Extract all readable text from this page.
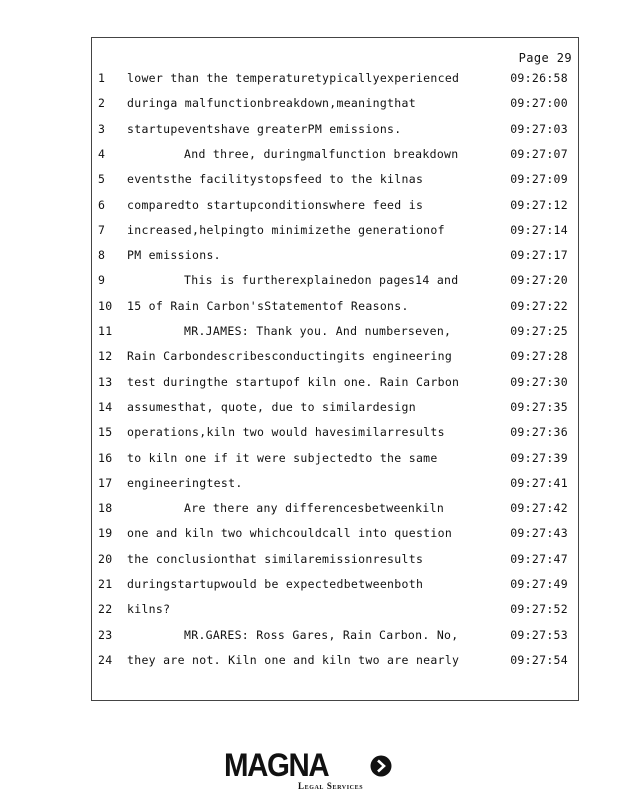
Page 29
1	lower than the temperaturetypicallyexperienced	09:26:58
2	duringa malfunctionbreakdown,meaningthat	09:27:00
3	startupeventshave greaterPM emissions.	09:27:03
4	And three, duringmalfunction breakdown	09:27:07
5	eventsthe facilitystopsfeed to the kilnas	09:27:09
6	comparedto startupconditionswhere feed is	09:27:12
7	increased,helpingto minimizethe generationof	09:27:14
8	PM emissions.	09:27:17
9	This is furtherexplainedon pages14 and	09:27:20
10	15 of Rain Carbon'sStatementof Reasons.	09:27:22
11	MR.JAMES: Thank you. And numberseven,	09:27:25
12	Rain Carbondescribesconductingits engineering	09:27:28
13	test duringthe startupof kiln one. Rain Carbon	09:27:30
14	assumesthat, quote, due to similardesign	09:27:35
15	operations,kiln two would havesimilarresults	09:27:36
16	to kiln one if it were subjectedto the same	09:27:39
17	engineeringtest.	09:27:41
18	Are there any differencesbetweenkiln	09:27:42
19	one and kiln two whichcouldcall into question	09:27:43
20	the conclusionthat similaremissionresults	09:27:47
21	duringstartupwould be expectedbetweenboth	09:27:49
22	kilns?	09:27:52
23	MR.GARES: Ross Gares, Rain Carbon. No,	09:27:53
24	they are not. Kiln one and kiln two are nearly	09:27:54
MAGNA
Legal Services
